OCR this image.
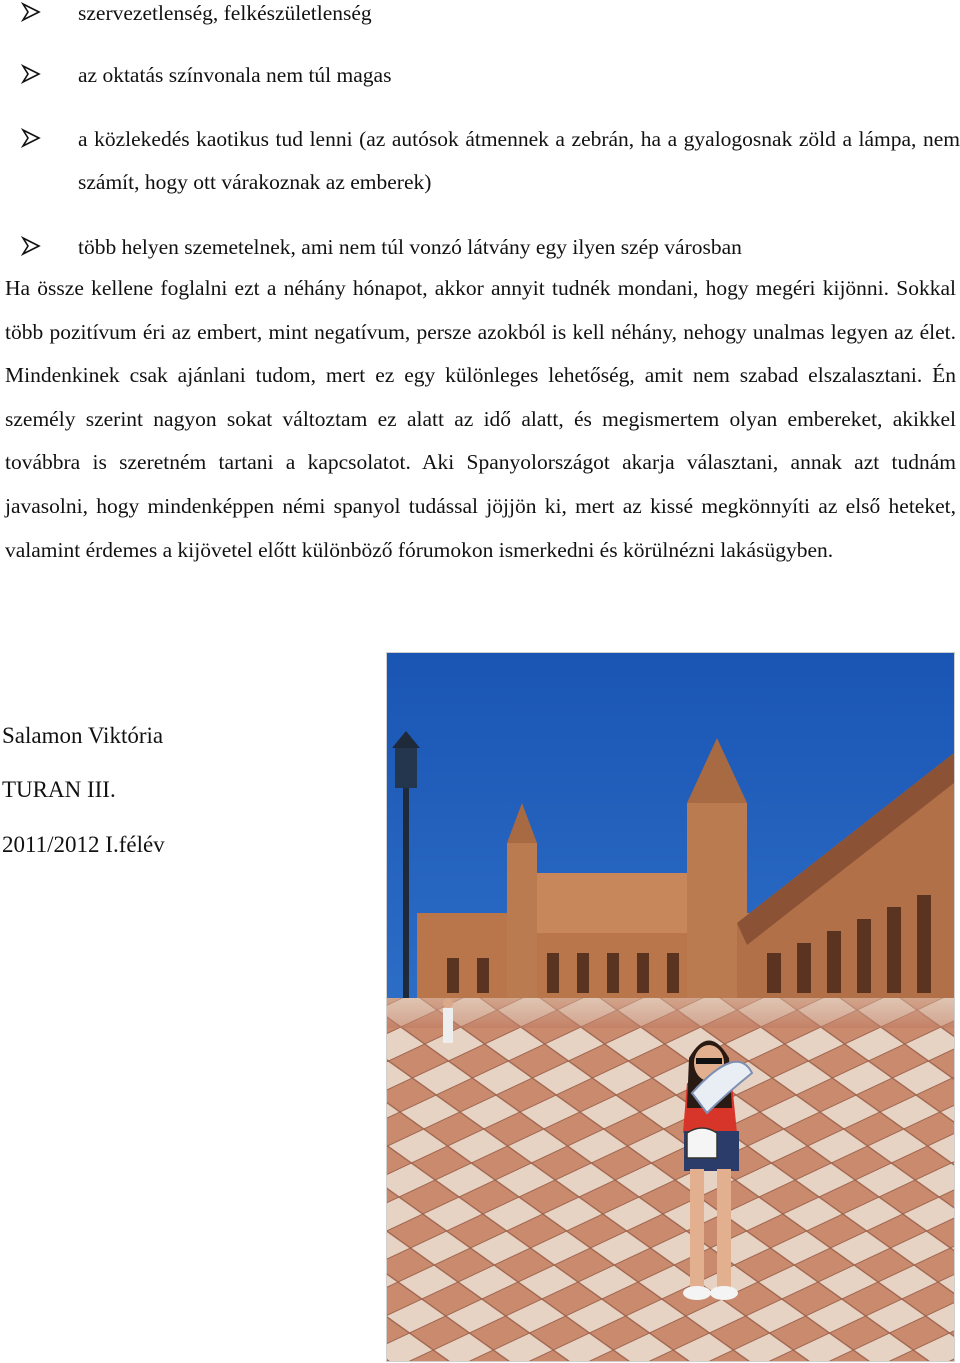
szervezetlenség, felkészületlenség
az oktatás színvonala nem túl magas
a közlekedés kaotikus tud lenni (az autósok átmennek a zebrán, ha a gyalogosnak zöld a lámpa, nem számít, hogy ott várakoznak az emberek)
több helyen szemetelnek, ami nem túl vonzó látvány egy ilyen szép városban

Ha össze kellene foglalni ezt a néhány hónapot, akkor annyit tudnék mondani, hogy megéri kijönni. Sokkal több pozitívum éri az embert, mint negatívum, persze azokból is kell néhány, nehogy unalmas legyen az élet. Mindenkinek csak ajánlani tudom, mert ez egy különleges lehetőség, amit nem szabad elszalasztani. Én személy szerint nagyon sokat változtam ez alatt az idő alatt, és megismertem olyan embereket, akikkel továbbra is szeretném tartani a kapcsolatot. Aki Spanyolországot akarja választani, annak azt tudnám javasolni, hogy mindenképpen némi spanyol tudással jöjjön ki, mert az kissé megkönnyíti az első heteket, valamint érdemes a kijövetel előtt különböző fórumokon ismerkedni és körülnézni lakásügyben.

Salamon Viktória

TURAN III.

2011/2012 I.félév
